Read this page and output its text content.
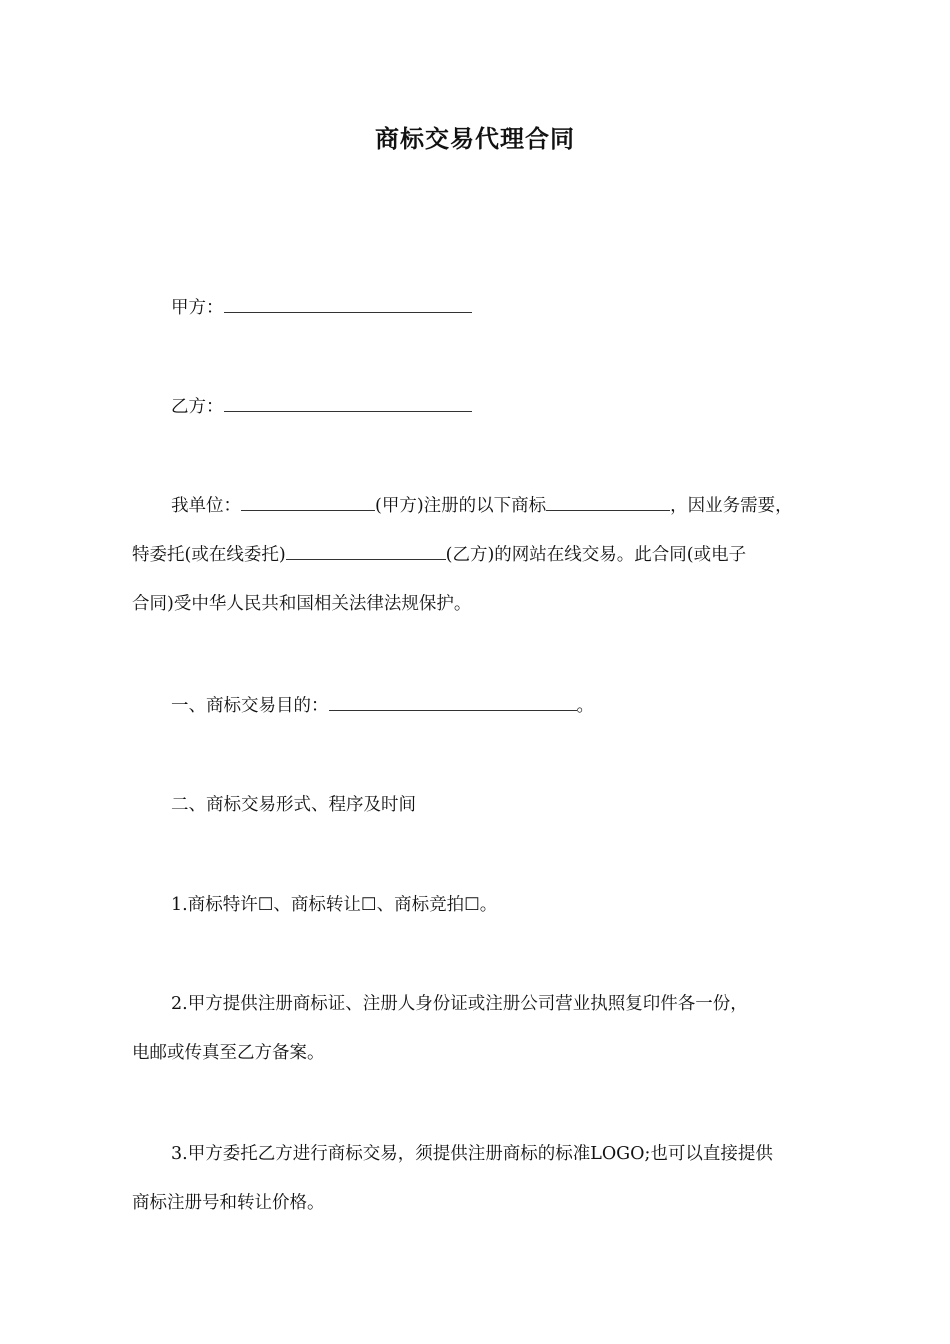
商标交易代理合同

甲方：

乙方：

我单位：	(甲方)注册的以下商标	，因业务需要，
特委托(或在线委托)	(乙方)的网站在线交易。此合同(或电子
合同)受中华人民共和国相关法律法规保护。

一、商标交易目的：	。

二、商标交易形式、程序及时间

1.商标特许☐、商标转让☐、商标竞拍☐。

2.甲方提供注册商标证、注册人身份证或注册公司营业执照复印件各一份，
电邮或传真至乙方备案。
3.甲方委托乙方进行商标交易，须提供注册商标的标准LOGO;也可以直接提供
商标注册号和转让价格。
